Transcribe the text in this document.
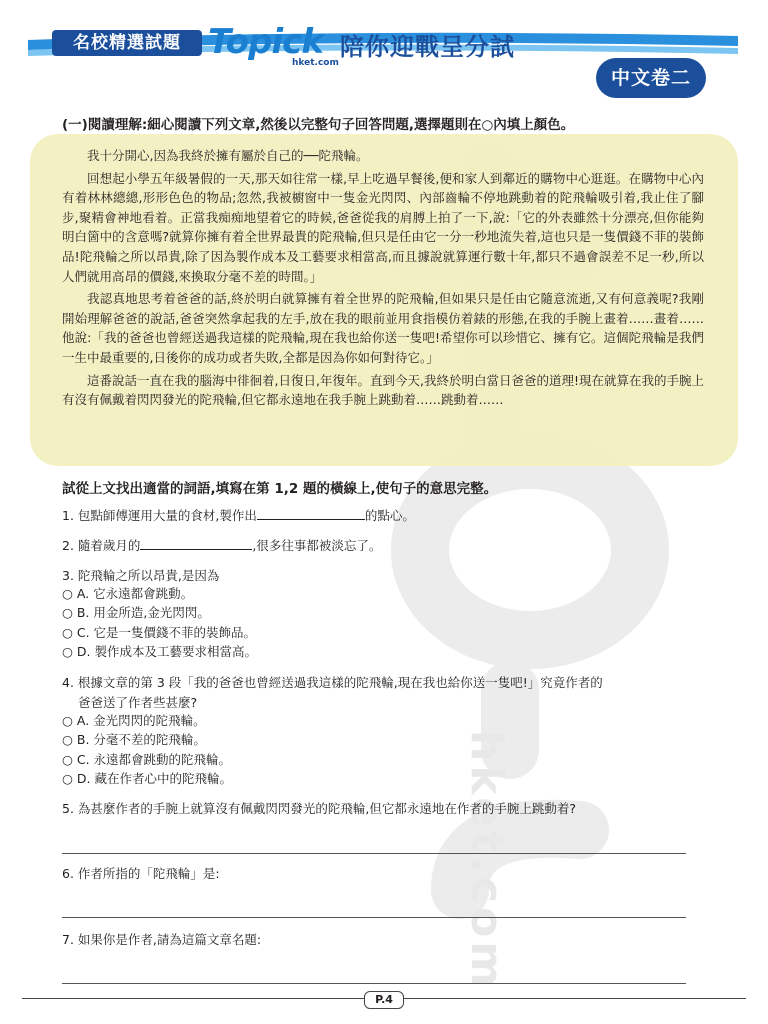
名校精選試題 Topick
hket.com
陪你迎戰呈分試
中文卷二
hket.com
(一)閱讀理解:細心閱讀下列文章,然後以完整句子回答問題,選擇題則在○內填上顏色。

我十分開心,因為我終於擁有屬於自己的──陀飛輪。

回想起小學五年級暑假的一天,那天如往常一樣,早上吃過早餐後,便和家人到鄰近的購物中心逛逛。在購物中心內有着林林總總,形形色色的物品;忽然,我被櫥窗中一隻金光閃閃、內部齒輪不停地跳動着的陀飛輪吸引着,我止住了腳步,聚精會神地看着。正當我痴痴地望着它的時候,爸爸從我的肩膊上拍了一下,說:「它的外表雖然十分漂亮,但你能夠明白箇中的含意嗎?就算你擁有着全世界最貴的陀飛輪,但只是任由它一分一秒地流失着,這也只是一隻價錢不菲的裝飾品!陀飛輪之所以昂貴,除了因為製作成本及工藝要求相當高,而且據說就算運行數十年,都只不過會誤差不足一秒,所以人們就用高昂的價錢,來換取分毫不差的時間。」

我認真地思考着爸爸的話,終於明白就算擁有着全世界的陀飛輪,但如果只是任由它隨意流逝,又有何意義呢?我剛開始理解爸爸的說話,爸爸突然拿起我的左手,放在我的眼前並用食指模仿着錶的形態,在我的手腕上畫着……畫着……他說:「我的爸爸也曾經送過我這樣的陀飛輪,現在我也給你送一隻吧!希望你可以珍惜它、擁有它。這個陀飛輪是我們一生中最重要的,日後你的成功或者失敗,全都是因為你如何對待它。」

這番說話一直在我的腦海中徘徊着,日復日,年復年。直到今天,我終於明白當日爸爸的道理!現在就算在我的手腕上有沒有佩戴着閃閃發光的陀飛輪,但它都永遠地在我手腕上跳動着……跳動着……

試從上文找出適當的詞語,填寫在第 1,2 題的橫線上,使句子的意思完整。
1. 包點師傅運用大量的食材,製作出	的點心。
2. 隨着歲月的	,很多往事都被淡忘了。
3. 陀飛輪之所以昂貴,是因為
○ A. 它永遠都會跳動。
○ B. 用金所造,金光閃閃。
○ C. 它是一隻價錢不菲的裝飾品。
○ D. 製作成本及工藝要求相當高。
4. 根據文章的第 3 段「我的爸爸也曾經送過我這樣的陀飛輪,現在我也給你送一隻吧!」究竟作者的
爸爸送了作者些甚麼?
○ A. 金光閃閃的陀飛輪。
○ B. 分毫不差的陀飛輪。
○ C. 永遠都會跳動的陀飛輪。
○ D. 藏在作者心中的陀飛輪。
5. 為甚麼作者的手腕上就算沒有佩戴閃閃發光的陀飛輪,但它都永遠地在作者的手腕上跳動着?
6. 作者所指的「陀飛輪」是:
7. 如果你是作者,請為這篇文章名題:
P.4
